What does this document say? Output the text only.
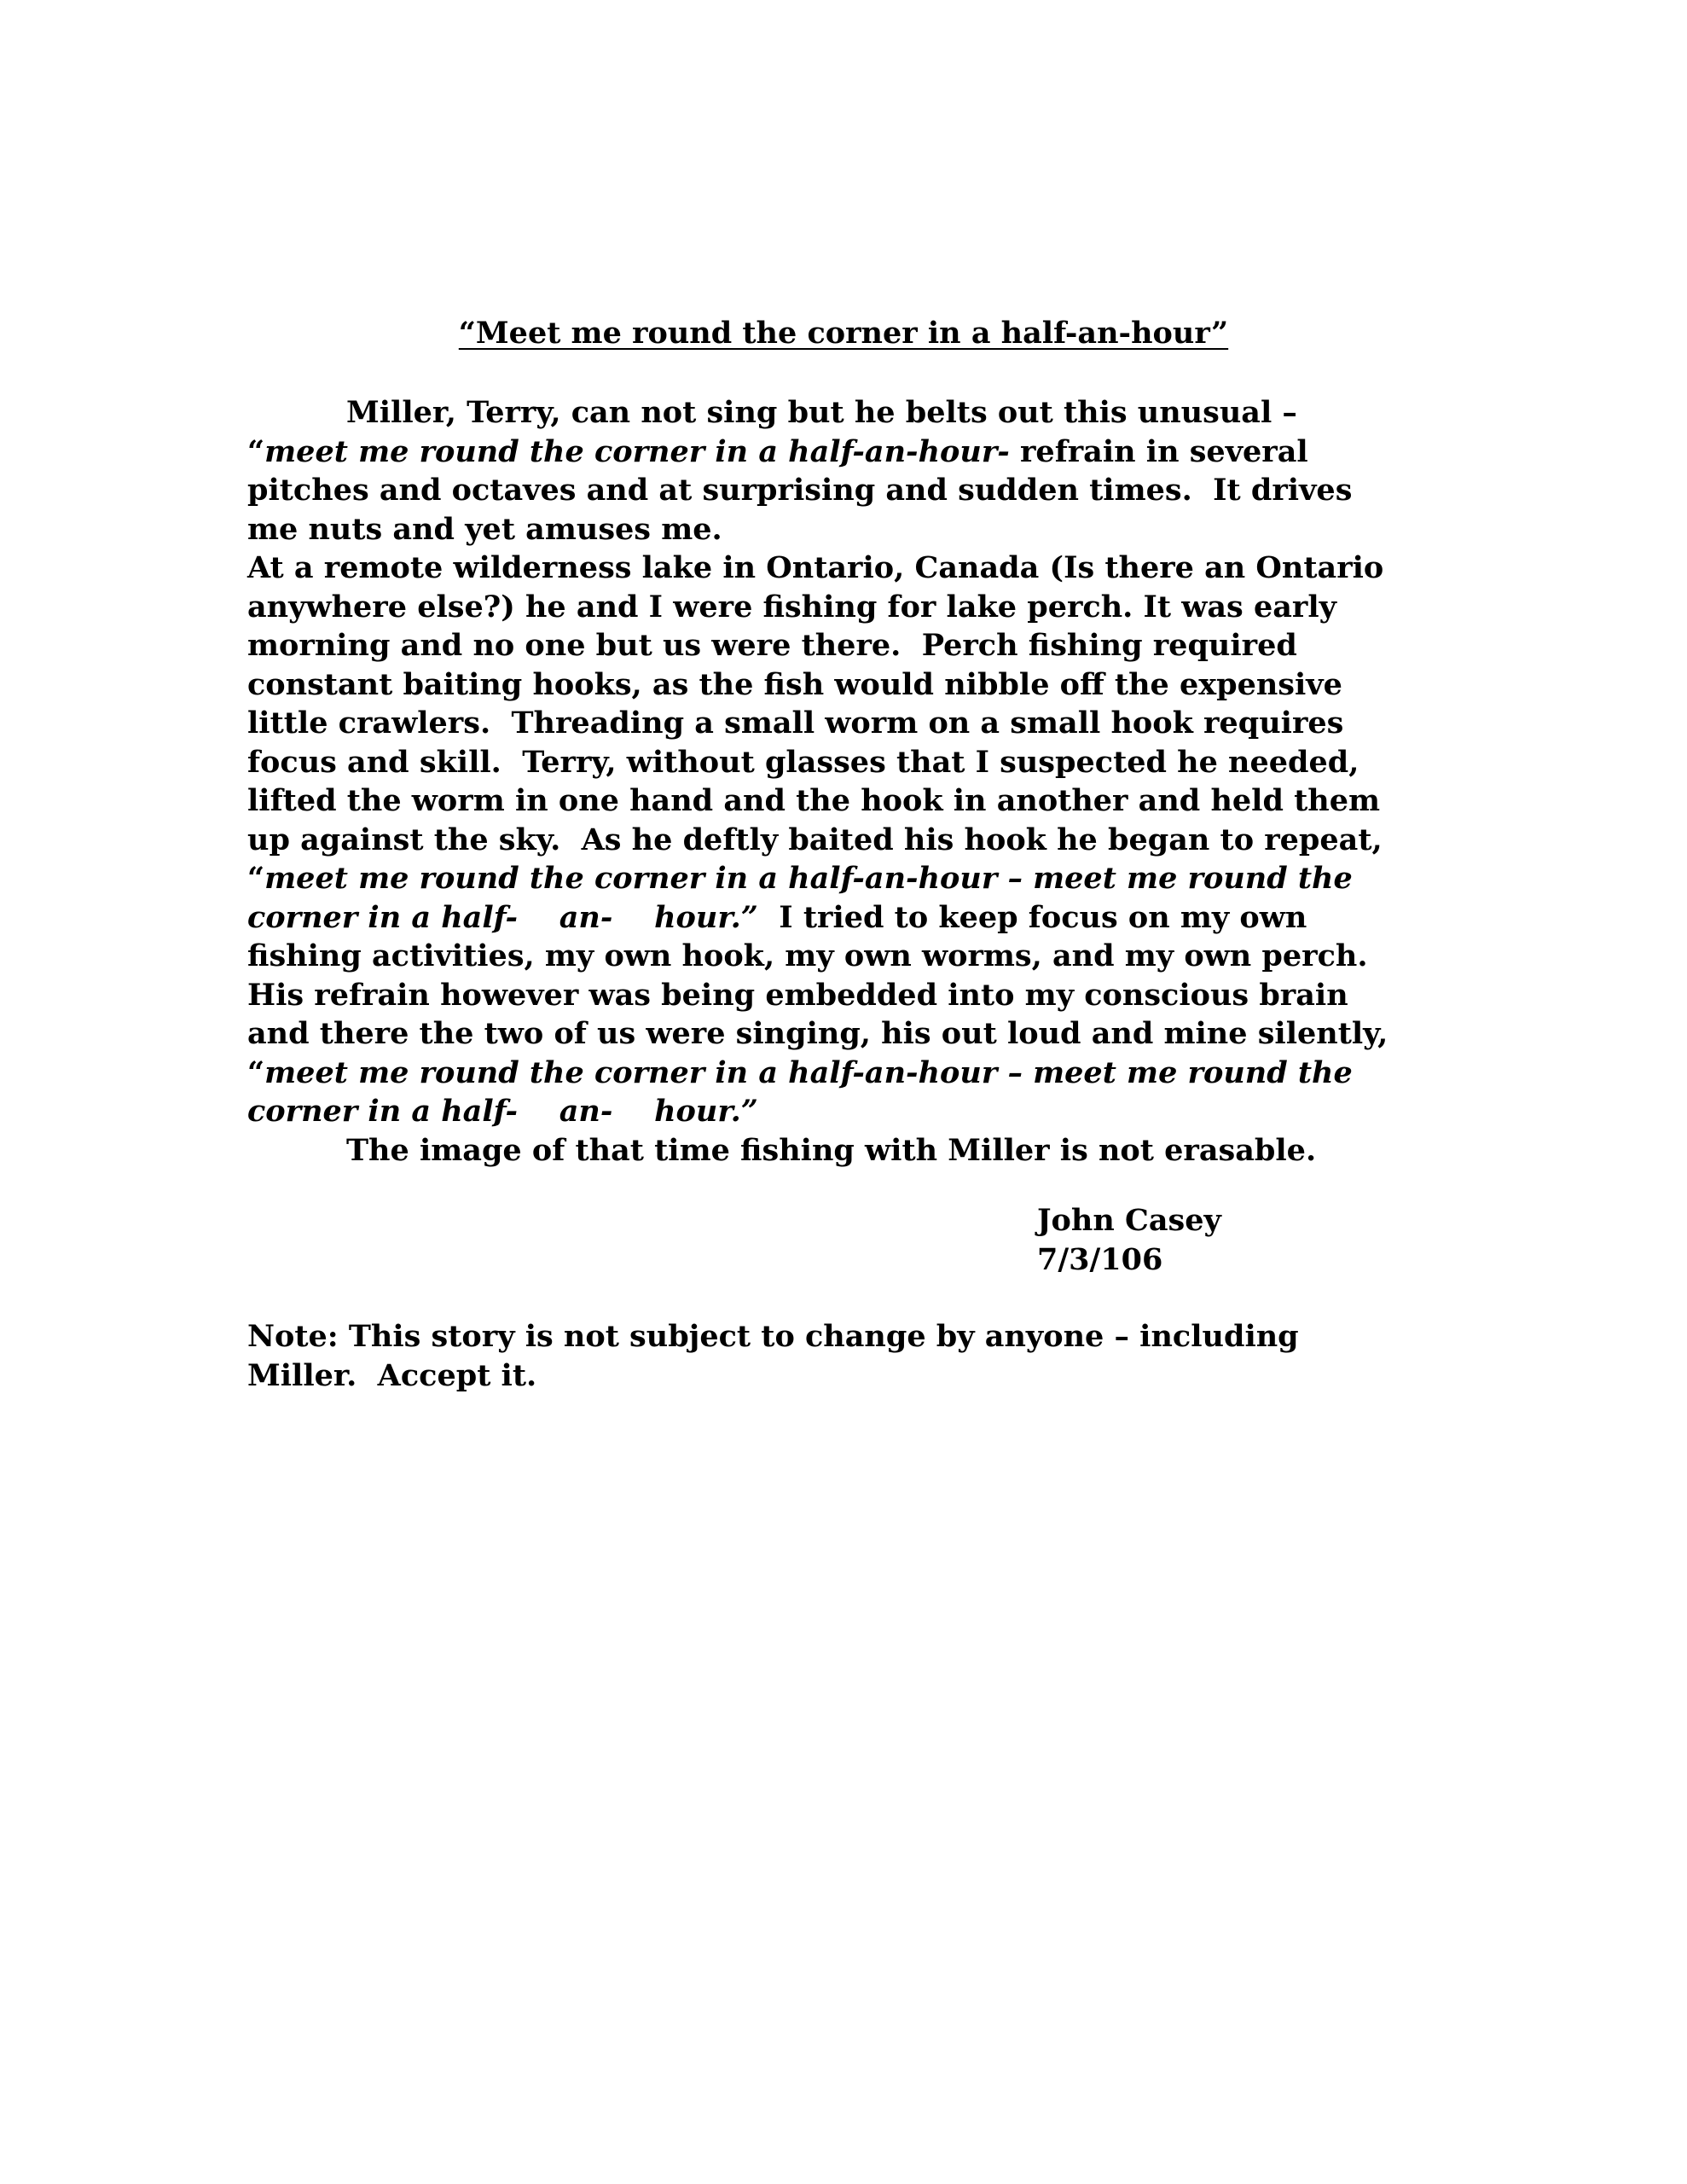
“Meet me round the corner in a half-an-hour”
Miller, Terry, can not sing but he belts out this unusual –
“meet me round the corner in a half-an-hour- refrain in several
pitches and octaves and at surprising and sudden times.  It drives
me nuts and yet amuses me.
At a remote wilderness lake in Ontario, Canada (Is there an Ontario
anywhere else?) he and I were fishing for lake perch. It was early
morning and no one but us were there.  Perch fishing required
constant baiting hooks, as the fish would nibble off the expensive
little crawlers.  Threading a small worm on a small hook requires
focus and skill.  Terry, without glasses that I suspected he needed,
lifted the worm in one hand and the hook in another and held them
up against the sky.  As he deftly baited his hook he began to repeat,
“meet me round the corner in a half-an-hour – meet me round the
corner in a half-    an-    hour.”  I tried to keep focus on my own
fishing activities, my own hook, my own worms, and my own perch.
His refrain however was being embedded into my conscious brain
and there the two of us were singing, his out loud and mine silently,
“meet me round the corner in a half-an-hour – meet me round the
corner in a half-    an-    hour.”
The image of that time fishing with Miller is not erasable.
John Casey
7/3/106
Note: This story is not subject to change by anyone – including
Miller.  Accept it.
